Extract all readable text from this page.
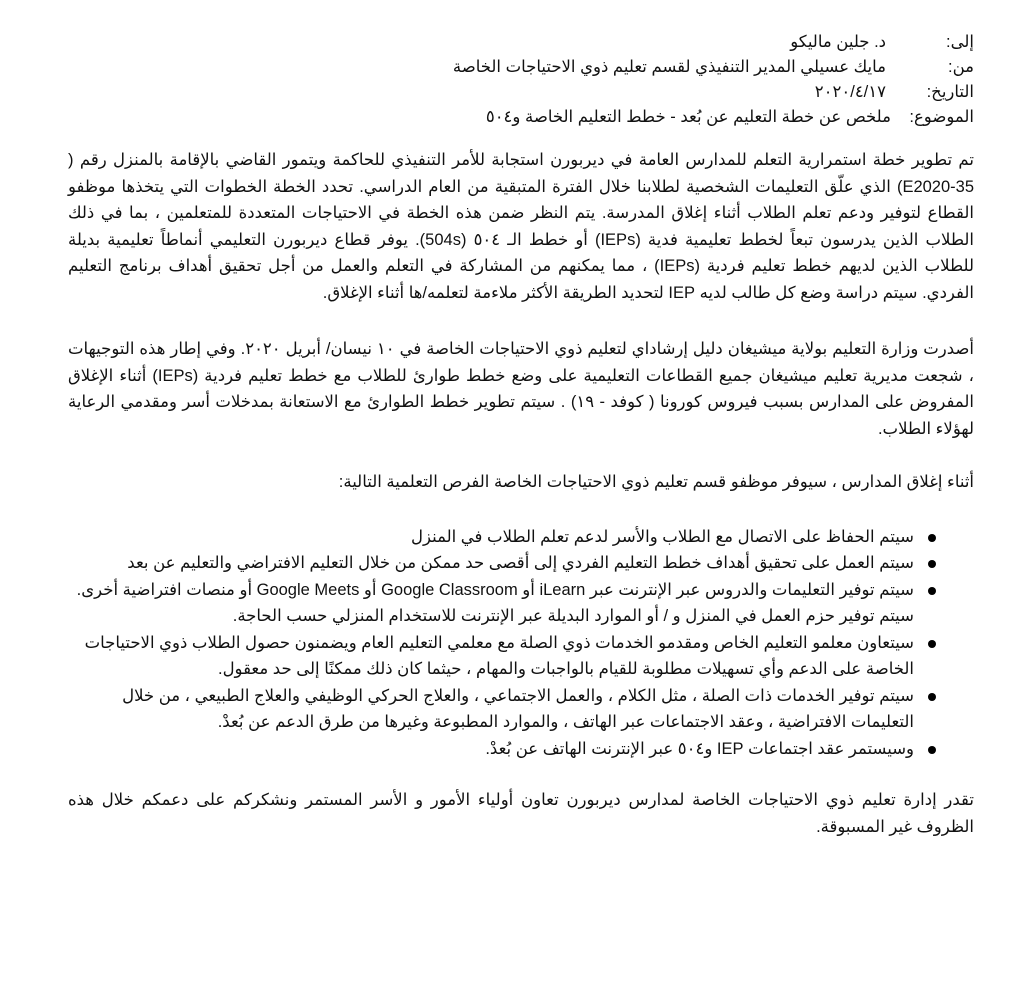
إلى:
د. جلين ماليكو
من:
مايك عسيلي المدير التنفيذي لقسم تعليم ذوي الاحتياجات الخاصة
التاريخ:
٢٠٢٠/٤/١٧
الموضوع:
ملخص عن خطة التعليم عن بُعد - خطط التعليم الخاصة و٥٠٤

تم تطوير خطة استمرارية التعلم للمدارس العامة في ديربورن استجابة للأمر التنفيذي للحاكمة ويتمور القاضي بالإقامة بالمنزل رقم ( E2020-35) الذي علّق التعليمات الشخصية لطلابنا خلال الفترة المتبقية من العام الدراسي. تحدد الخطة الخطوات التي يتخذها موظفو القطاع لتوفير ودعم تعلم الطلاب أثناء إغلاق المدرسة. يتم النظر ضمن هذه الخطة في الاحتياجات المتعددة للمتعلمين ، بما في ذلك الطلاب الذين يدرسون تبعاً لخطط تعليمية فدية (IEPs) أو خطط الـ ٥٠٤ (504s). يوفر قطاع ديربورن التعليمي أنماطاً تعليمية بديلة للطلاب الذين لديهم خطط تعليم فردية (IEPs) ، مما يمكنهم من المشاركة في التعلم والعمل من أجل تحقيق أهداف برنامج التعليم الفردي. سيتم دراسة وضع كل طالب لديه IEP لتحديد الطريقة الأكثر ملاءمة لتعلمه/ها أثناء الإغلاق.

أصدرت وزارة التعليم بولاية ميشيغان دليل إرشاداي لتعليم ذوي الاحتياجات الخاصة في ١٠ نيسان/ أبريل ٢٠٢٠. وفي إطار هذه التوجيهات ، شجعت مديرية تعليم ميشيغان جميع القطاعات التعليمية على وضع خطط طوارئ للطلاب مع خطط تعليم فردية (IEPs) أثناء الإغلاق المفروض على المدارس بسبب فيروس كورونا ( كوفد - ١٩) . سيتم تطوير خطط الطوارئ مع الاستعانة بمدخلات أسر ومقدمي الرعاية لهؤلاء الطلاب.

أثناء إغلاق المدارس ، سيوفر موظفو قسم تعليم ذوي الاحتياجات الخاصة الفرص التعلمية التالية:

سيتم الحفاظ على الاتصال مع الطلاب والأسر لدعم تعلم الطلاب في المنزل
سيتم العمل على تحقيق أهداف خطط التعليم الفردي إلى أقصى حد ممكن من خلال التعليم الافتراضي والتعليم عن بعد
سيتم توفير التعليمات والدروس عبر الإنترنت عبر iLearn أو Google Classroom أو Google Meets أو منصات افتراضية أخرى. سيتم توفير حزم العمل في المنزل و / أو الموارد البديلة عبر الإنترنت للاستخدام المنزلي حسب الحاجة.
سيتعاون معلمو التعليم الخاص ومقدمو الخدمات ذوي الصلة مع معلمي التعليم العام ويضمنون حصول الطلاب ذوي الاحتياجات الخاصة على الدعم وأي تسهيلات مطلوبة للقيام بالواجبات والمهام ، حيثما كان ذلك ممكنًا إلى حد معقول.
سيتم توفير الخدمات ذات الصلة ، مثل الكلام ، والعمل الاجتماعي ، والعلاج الحركي الوظيفي والعلاج الطبيعي ، من خلال التعليمات الافتراضية ، وعقد الاجتماعات عبر الهاتف ، والموارد المطبوعة وغيرها من طرق الدعم عن بُعدْ.
وسيستمر عقد اجتماعات IEP و٥٠٤ عبر الإنترنت الهاتف عن بُعدْ.

تقدر إدارة تعليم ذوي الاحتياجات الخاصة لمدارس ديربورن تعاون أولياء الأمور و الأسر المستمر ونشكركم على دعمكم خلال هذه الظروف غير المسبوقة.
